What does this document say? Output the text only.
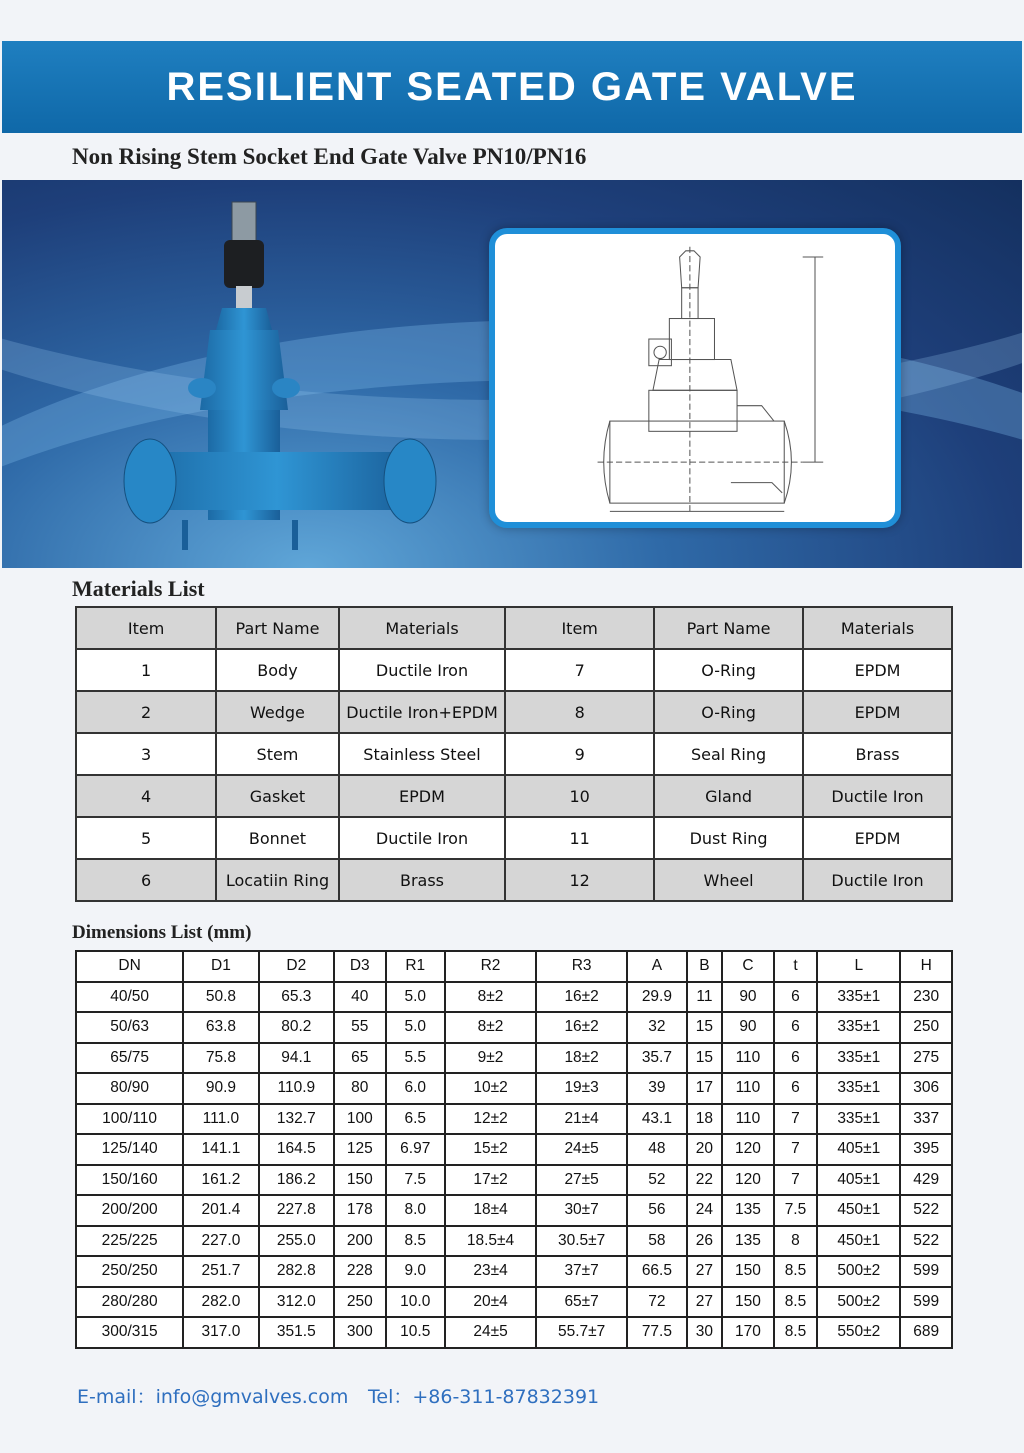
RESILIENT SEATED GATE VALVE
Non Rising Stem Socket End Gate Valve PN10/PN16
Materials List
Item	Part Name	Materials	Item	Part Name	Materials
1	Body	Ductile Iron	7	O-Ring	EPDM
2	Wedge	Ductile Iron+EPDM	8	O-Ring	EPDM
3	Stem	Stainless Steel	9	Seal Ring	Brass
4	Gasket	EPDM	10	Gland	Ductile Iron
5	Bonnet	Ductile Iron	11	Dust Ring	EPDM
6	Locatiin Ring	Brass	12	Wheel	Ductile Iron
Dimensions List (mm)
DN	D1	D2	D3	R1	R2	R3	A	B	C	t	L	H
40/50	50.8	65.3	40	5.0	8±2	16±2	29.9	11	90	6	335±1	230
50/63	63.8	80.2	55	5.0	8±2	16±2	32	15	90	6	335±1	250
65/75	75.8	94.1	65	5.5	9±2	18±2	35.7	15	110	6	335±1	275
80/90	90.9	110.9	80	6.0	10±2	19±3	39	17	110	6	335±1	306
100/110	111.0	132.7	100	6.5	12±2	21±4	43.1	18	110	7	335±1	337
125/140	141.1	164.5	125	6.97	15±2	24±5	48	20	120	7	405±1	395
150/160	161.2	186.2	150	7.5	17±2	27±5	52	22	120	7	405±1	429
200/200	201.4	227.8	178	8.0	18±4	30±7	56	24	135	7.5	450±1	522
225/225	227.0	255.0	200	8.5	18.5±4	30.5±7	58	26	135	8	450±1	522
250/250	251.7	282.8	228	9.0	23±4	37±7	66.5	27	150	8.5	500±2	599
280/280	282.0	312.0	250	10.0	20±4	65±7	72	27	150	8.5	500±2	599
300/315	317.0	351.5	300	10.5	24±5	55.7±7	77.5	30	170	8.5	550±2	689
E-mail：info@gmvalves.com Tel：+86-311-87832391
